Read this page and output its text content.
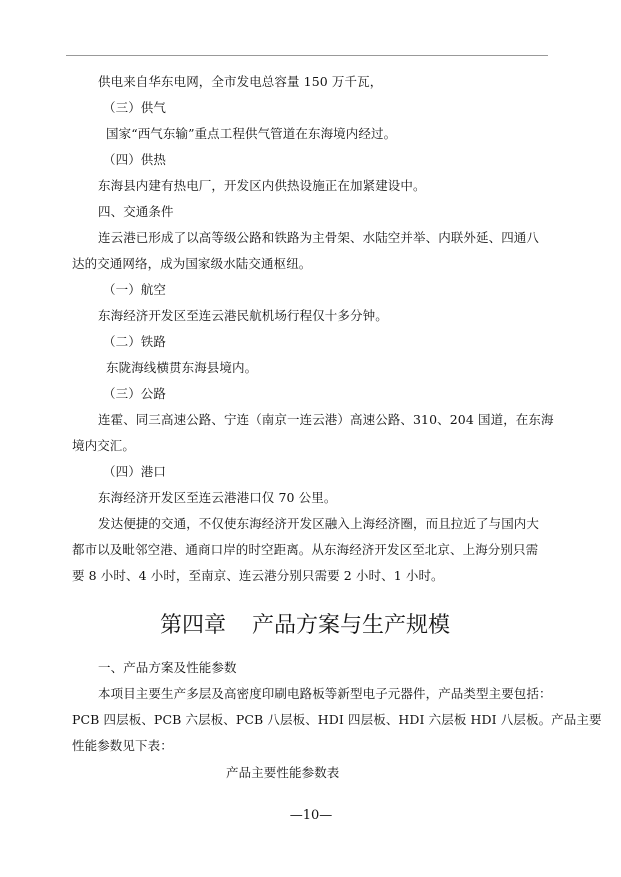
供电来自华东电网，全市发电总容量 150 万千瓦，
（三）供气
国家“西气东输”重点工程供气管道在东海境内经过。
（四）供热
东海县内建有热电厂，开发区内供热设施正在加紧建设中。
四、交通条件
连云港已形成了以高等级公路和铁路为主骨架、水陆空并举、内联外延、四通八
达的交通网络，成为国家级水陆交通枢纽。
（一）航空
东海经济开发区至连云港民航机场行程仅十多分钟。
（二）铁路
东陇海线横贯东海县境内。
（三）公路
连霍、同三高速公路、宁连（南京一连云港）高速公路、310、204 国道，在东海
境内交汇。
（四）港口
东海经济开发区至连云港港口仅 70 公里。
发达便捷的交通，不仅使东海经济开发区融入上海经济圈，而且拉近了与国内大
都市以及毗邻空港、通商口岸的时空距离。从东海经济开发区至北京、上海分别只需
要 8 小时、4 小时，至南京、连云港分别只需要 2 小时、1 小时。
第四章 产品方案与生产规模
一、产品方案及性能参数
本项目主要生产多层及高密度印刷电路板等新型电子元器件，产品类型主要包括：
PCB 四层板、PCB 六层板、PCB 八层板、HDI 四层板、HDI 六层板 HDI 八层板。产品主要
性能参数见下表：
产品主要性能参数表
—10—
